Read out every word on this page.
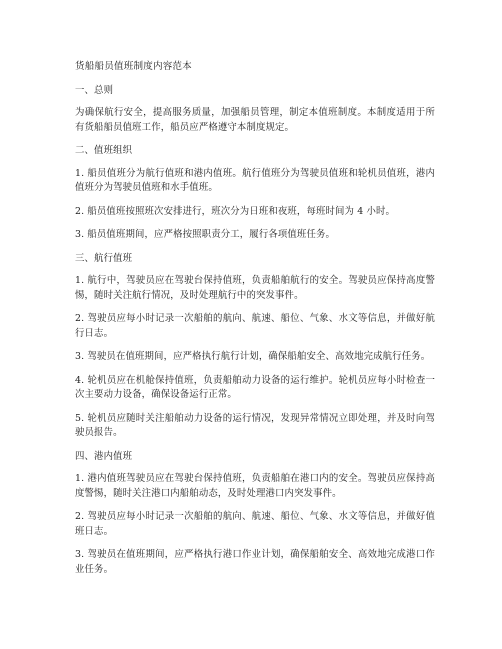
货船船员值班制度内容范本
一、总则
为确保航行安全，提高服务质量，加强船员管理，制定本值班制度。本制度适用于所有货船船员值班工作，船员应严格遵守本制度规定。
二、值班组织
1. 船员值班分为航行值班和港内值班。航行值班分为驾驶员值班和轮机员值班，港内值班分为驾驶员值班和水手值班。
2. 船员值班按照班次安排进行，班次分为日班和夜班，每班时间为 4 小时。
3. 船员值班期间，应严格按照职责分工，履行各项值班任务。
三、航行值班
1. 航行中，驾驶员应在驾驶台保持值班，负责船舶航行的安全。驾驶员应保持高度警惕，随时关注航行情况，及时处理航行中的突发事件。
2. 驾驶员应每小时记录一次船舶的航向、航速、船位、气象、水文等信息，并做好航行日志。
3. 驾驶员在值班期间，应严格执行航行计划，确保船舶安全、高效地完成航行任务。
4. 轮机员应在机舱保持值班，负责船舶动力设备的运行维护。轮机员应每小时检查一次主要动力设备，确保设备运行正常。
5. 轮机员应随时关注船舶动力设备的运行情况，发现异常情况立即处理，并及时向驾驶员报告。
四、港内值班
1. 港内值班驾驶员应在驾驶台保持值班，负责船舶在港口内的安全。驾驶员应保持高度警惕，随时关注港口内船舶动态，及时处理港口内突发事件。
2. 驾驶员应每小时记录一次船舶的航向、航速、船位、气象、水文等信息，并做好值班日志。
3. 驾驶员在值班期间，应严格执行港口作业计划，确保船舶安全、高效地完成港口作业任务。
